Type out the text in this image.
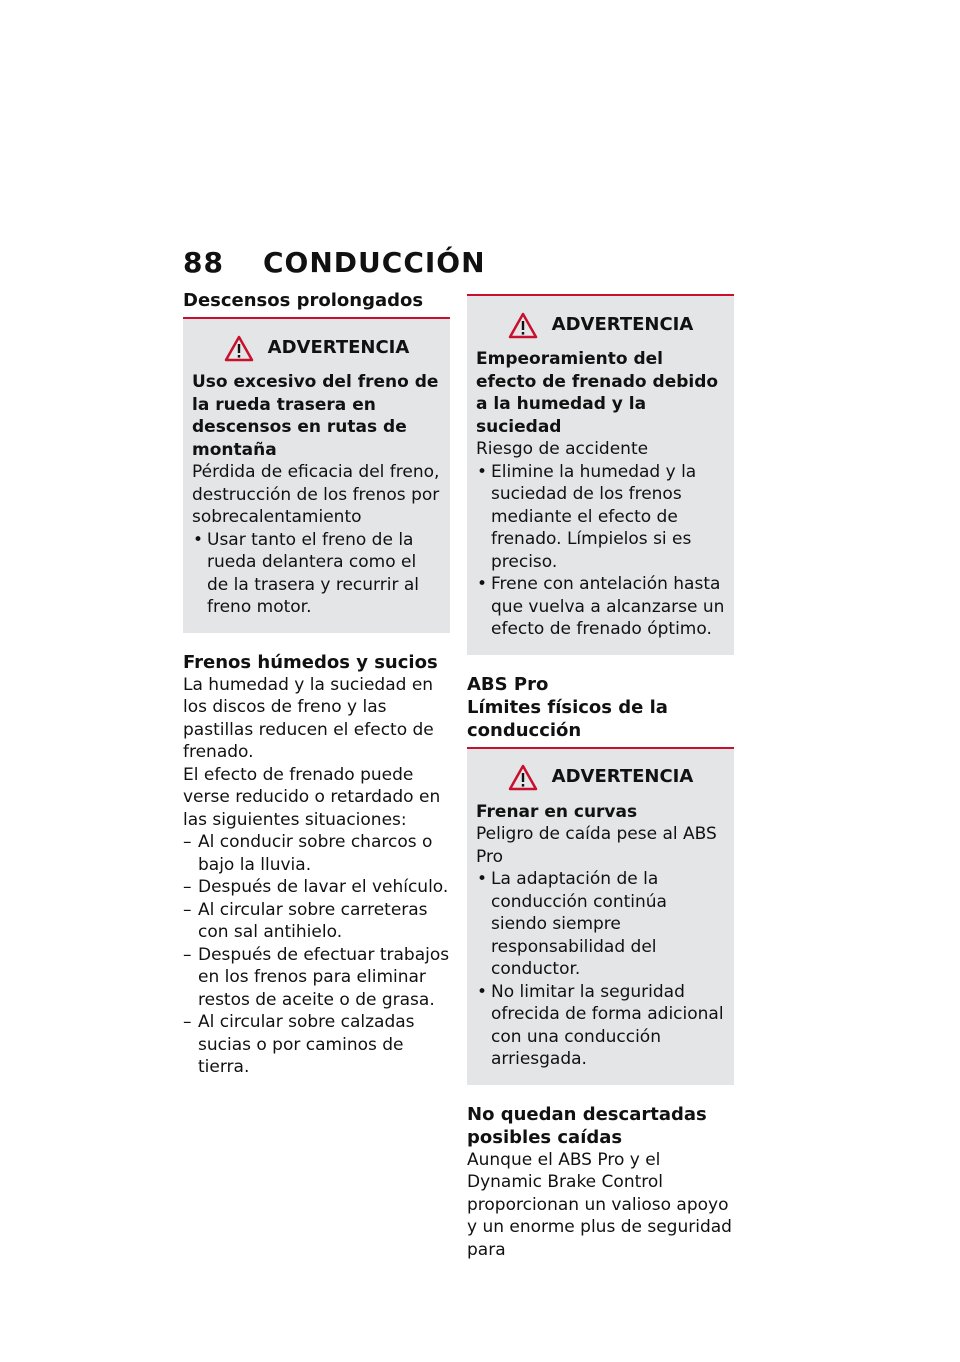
88 CONDUCCIÓN
Descensos prolongados
ADVERTENCIA
Uso excesivo del freno de la rueda trasera en descensos en rutas de montaña
Pérdida de eficacia del freno, destrucción de los frenos por sobrecalentamiento
• Usar tanto el freno de la rueda delantera como el de la trasera y recurrir al freno motor.
Frenos húmedos y sucios
La humedad y la suciedad en los discos de freno y las pastillas reducen el efecto de frenado.
El efecto de frenado puede verse reducido o retardado en las siguientes situaciones:
– Al conducir sobre charcos o bajo la lluvia.
– Después de lavar el vehículo.
– Al circular sobre carreteras con sal antihielo.
– Después de efectuar trabajos en los frenos para eliminar restos de aceite o de grasa.
– Al circular sobre calzadas sucias o por caminos de tierra.
ADVERTENCIA
Empeoramiento del efecto de frenado debido a la humedad y la suciedad
Riesgo de accidente
• Elimine la humedad y la suciedad de los frenos mediante el efecto de frenado. Límpielos si es preciso.
• Frene con antelación hasta que vuelva a alcanzarse un efecto de frenado óptimo.
ABS Pro
Límites físicos de la conducción
ADVERTENCIA
Frenar en curvas
Peligro de caída pese al ABS Pro
• La adaptación de la conducción continúa siendo siempre responsabilidad del conductor.
• No limitar la seguridad ofrecida de forma adicional con una conducción arriesgada.
No quedan descartadas posibles caídas
Aunque el ABS Pro y el Dynamic Brake Control proporcionan un valioso apoyo y un enorme plus de seguridad para
